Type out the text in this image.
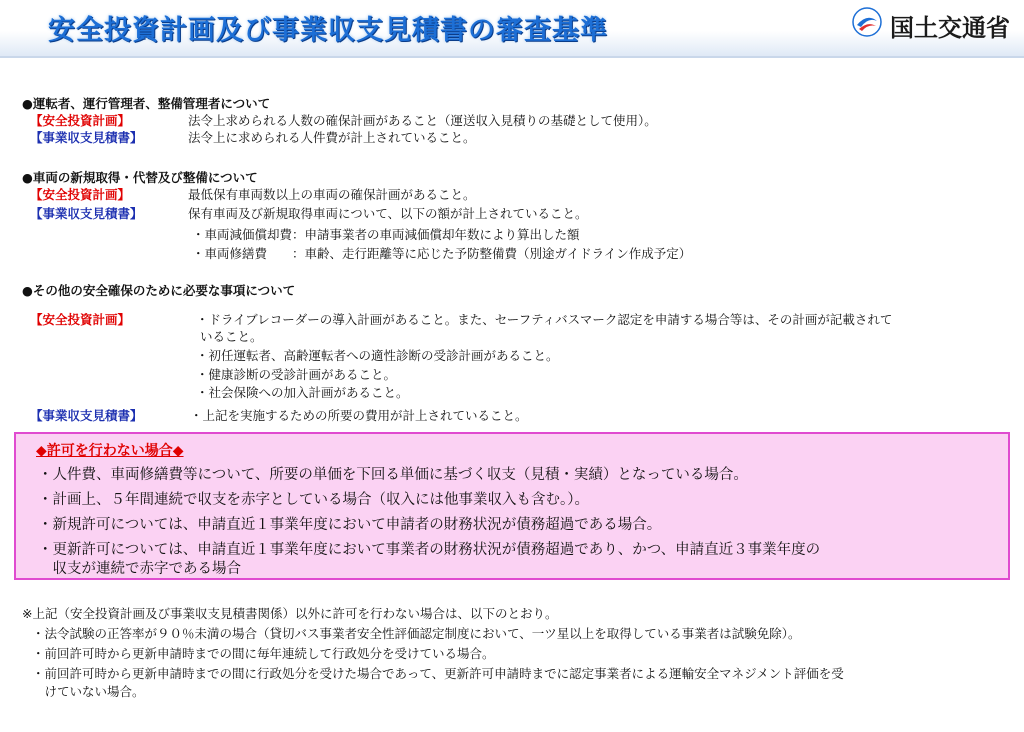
安全投資計画及び事業収支見積書の審査基準	国土交通省
●運転者、運行管理者、整備管理者について
【安全投資計画】	法令上求められる人数の確保計画があること（運送収入見積りの基礎として使用）。
【事業収支見積書】	法令上に求められる人件費が計上されていること。
●車両の新規取得・代替及び整備について
【安全投資計画】	最低保有車両数以上の車両の確保計画があること。
【事業収支見積書】	保有車両及び新規取得車両について、以下の額が計上されていること。
・車両減価償却費：申請事業者の車両減価償却年数により算出した額
・車両修繕費　　：車齢、走行距離等に応じた予防整備費（別途ガイドライン作成予定）
●その他の安全確保のために必要な事項について
【安全投資計画】	・ドライブレコーダーの導入計画があること。また、セーフティバスマーク認定を申請する場合等は、その計画が記載されて
いること。
・初任運転者、高齢運転者への適性診断の受診計画があること。
・健康診断の受診計画があること。
・社会保険への加入計画があること。
【事業収支見積書】	・上記を実施するための所要の費用が計上されていること。
◆許可を行わない場合◆
・人件費、車両修繕費等について、所要の単価を下回る単価に基づく収支（見積・実績）となっている場合。
・計画上、５年間連続で収支を赤字としている場合（収入には他事業収入も含む。）。
・新規許可については、申請直近１事業年度において申請者の財務状況が債務超過である場合。
・更新許可については、申請直近１事業年度において事業者の財務状況が債務超過であり、かつ、申請直近３事業年度の
　収支が連続で赤字である場合
※上記（安全投資計画及び事業収支見積書関係）以外に許可を行わない場合は、以下のとおり。
・法令試験の正答率が９０％未満の場合（貸切バス事業者安全性評価認定制度において、一ツ星以上を取得している事業者は試験免除）。
・前回許可時から更新申請時までの間に毎年連続して行政処分を受けている場合。
・前回許可時から更新申請時までの間に行政処分を受けた場合であって、更新許可申請時までに認定事業者による運輸安全マネジメント評価を受
　けていない場合。
